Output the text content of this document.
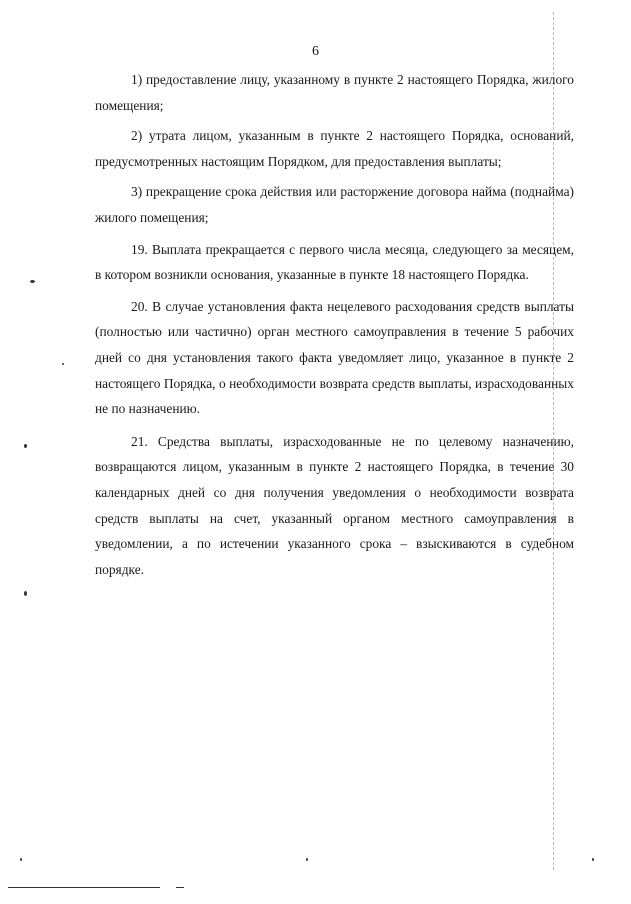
6

1) предоставление лицу, указанному в пункте 2 настоящего Порядка, жилого помещения;

2) утрата лицом, указанным в пункте 2 настоящего Порядка, оснований, предусмотренных настоящим Порядком, для предоставления выплаты;

3) прекращение срока действия или расторжение договора найма (поднайма) жилого помещения;

19. Выплата прекращается с первого числа месяца, следующего за месяцем, в котором возникли основания, указанные в пункте 18 настоящего Порядка.

20. В случае установления факта нецелевого расходования средств выплаты (полностью или частично) орган местного самоуправления в течение 5 рабочих дней со дня установления такого факта уведомляет лицо, указанное в пункте 2 настоящего Порядка, о необходимости возврата средств выплаты, израсходованных не по назначению.

21. Средства выплаты, израсходованные не по целевому назначению, возвращаются лицом, указанным в пункте 2 настоящего Порядка, в течение 30 календарных дней со дня получения уведомления о необходимости возврата средств выплаты на счет, указанный органом местного самоуправления в уведомлении, а по истечении указанного срока – взыскиваются в судебном порядке.
